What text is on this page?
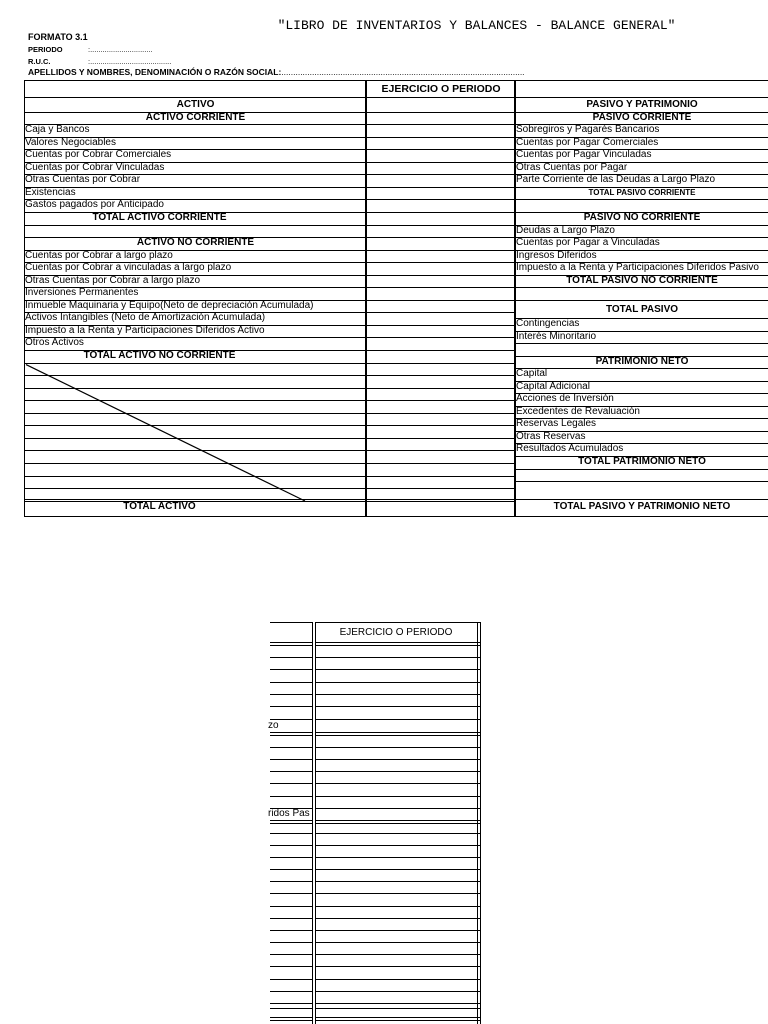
"LIBRO DE INVENTARIOS Y BALANCES - BALANCE GENERAL"
FORMATO 3.1
PERIODO	:..............................
R.U.C.	:.......................................
APELLIDOS Y NOMBRES, DENOMINACIÓN O RAZÓN SOCIAL:.......................................................................................................
EJERCICIO O PERIODO
ACTIVO
ACTIVO CORRIENTE
Caja y Bancos
Valores Negociables
Cuentas por Cobrar Comerciales
Cuentas por Cobrar Vinculadas
Otras Cuentas por Cobrar
Existencias
Gastos pagados por Anticipado
TOTAL ACTIVO CORRIENTE
ACTIVO NO CORRIENTE
Cuentas por Cobrar a largo plazo
Cuentas por Cobrar a vinculadas a largo plazo
Otras Cuentas por Cobrar a largo plazo
Inversiones Permanentes
Inmueble Maquinaria y Equipo(Neto de depreciación Acumulada)
Activos Intangibles (Neto de Amortización Acumulada)
Impuesto a la Renta y Participaciones Diferidos Activo
Otros Activos
TOTAL ACTIVO NO CORRIENTE
TOTAL ACTIVO
PASIVO Y PATRIMONIO
PASIVO CORRIENTE
Sobregiros y Pagarés Bancarios
Cuentas por Pagar Comerciales
Cuentas por Pagar Vinculadas
Otras Cuentas por Pagar
Parte Corriente de las Deudas a Largo Plazo
TOTAL PASIVO CORRIENTE
PASIVO NO CORRIENTE
Deudas a Largo Plazo
Cuentas por Pagar a Vinculadas
Ingresos Diferidos
Impuesto a la Renta y Participaciones Diferidos Pasivo
TOTAL PASIVO NO CORRIENTE
TOTAL PASIVO
Contingencias
Interés Minoritario
PATRIMONIO NETO
Capital
Capital Adicional
Acciones de Inversión
Excedentes de Revaluación
Reservas Legales
Otras Reservas
Resultados Acumulados
TOTAL PATRIMONIO NETO
TOTAL PASIVO Y PATRIMONIO NETO
EJERCICIO O PERIODO
zo
ridos Pas
